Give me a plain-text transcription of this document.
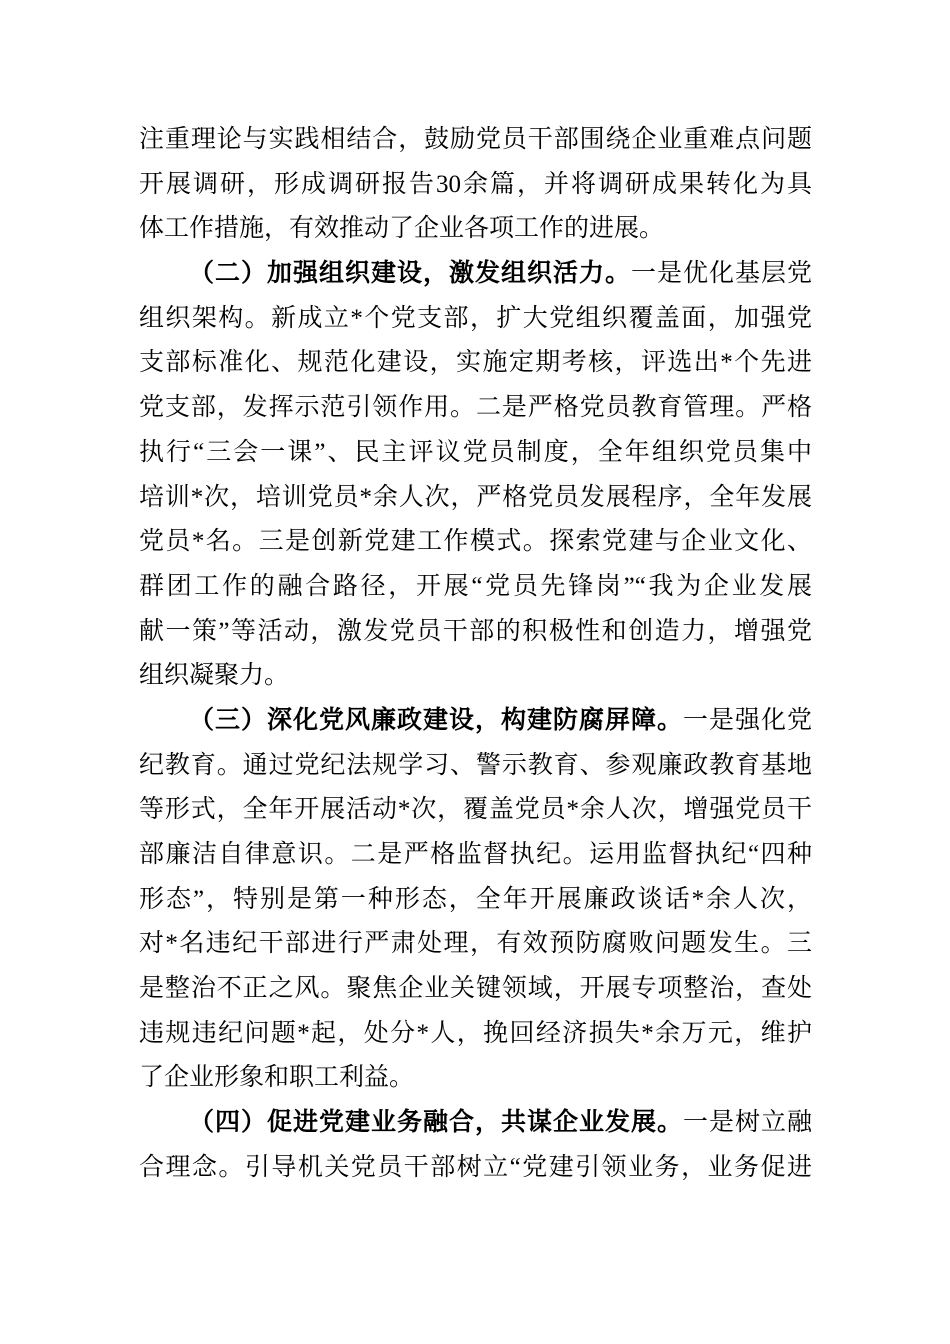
注重理论与实践相结合，鼓励党员干部围绕企业重难点问题
开展调研，形成调研报告30余篇，并将调研成果转化为具
体工作措施，有效推动了企业各项工作的进展。
（二）加强组织建设，激发组织活力。一是优化基层党
组织架构。新成立*个党支部，扩大党组织覆盖面，加强党
支部标准化、规范化建设，实施定期考核，评选出*个先进
党支部，发挥示范引领作用。二是严格党员教育管理。严格
执行“三会一课”、民主评议党员制度，全年组织党员集中
培训*次，培训党员*余人次，严格党员发展程序，全年发展
党员*名。三是创新党建工作模式。探索党建与企业文化、
群团工作的融合路径，开展“党员先锋岗”“我为企业发展
献一策”等活动，激发党员干部的积极性和创造力，增强党
组织凝聚力。
（三）深化党风廉政建设，构建防腐屏障。一是强化党
纪教育。通过党纪法规学习、警示教育、参观廉政教育基地
等形式，全年开展活动*次，覆盖党员*余人次，增强党员干
部廉洁自律意识。二是严格监督执纪。运用监督执纪“四种
形态”，特别是第一种形态，全年开展廉政谈话*余人次，
对*名违纪干部进行严肃处理，有效预防腐败问题发生。三
是整治不正之风。聚焦企业关键领域，开展专项整治，查处
违规违纪问题*起，处分*人，挽回经济损失*余万元，维护
了企业形象和职工利益。
（四）促进党建业务融合，共谋企业发展。一是树立融
合理念。引导机关党员干部树立“党建引领业务，业务促进
